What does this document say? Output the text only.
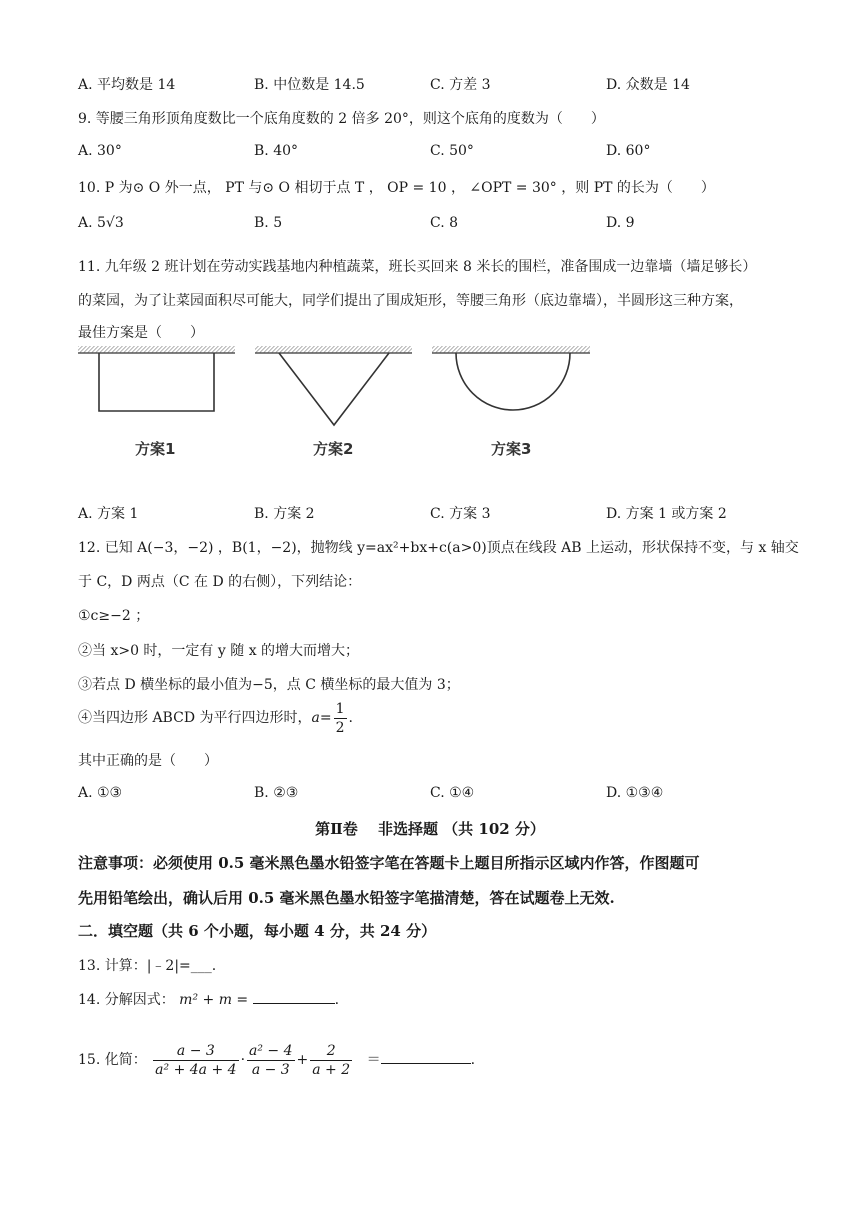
A. 平均数是 14	B. 中位数是 14.5	C. 方差 3	D. 众数是 14
9. 等腰三角形顶角度数比一个底角度数的 2 倍多 20°，则这个底角的度数为（　　）
A. 30°	B. 40°	C. 50°	D. 60°
10. P 为⊙ O 外一点， PT 与⊙ O 相切于点 T ， OP = 10 ， ∠OPT = 30° ，则 PT 的长为（　　）
A. 5√3	B. 5	C. 8	D. 9
11. 九年级 2 班计划在劳动实践基地内种植蔬菜，班长买回来 8 米长的围栏，准备围成一边靠墙（墙足够长）
的菜园，为了让菜园面积尽可能大，同学们提出了围成矩形，等腰三角形（底边靠墙），半圆形这三种方案，
最佳方案是（　　）
方案1	方案2	方案3
A. 方案 1	B. 方案 2	C. 方案 3	D. 方案 1 或方案 2
12. 已知 A(−3，−2) ，B(1，−2)，抛物线 y=ax²+bx+c(a>0)顶点在线段 AB 上运动，形状保持不变，与 x 轴交
于 C，D 两点（C 在 D 的右侧），下列结论：
①c≥−2 ；
②当 x>0 时，一定有 y 随 x 的增大而增大；
③若点 D 横坐标的最小值为−5，点 C 横坐标的最大值为 3；
④当四边形 ABCD 为平行四边形时，$a= \frac{1}{2}$ .
其中正确的是（　　）
A. ①③	B. ②③	C. ①④	D. ①③④
第Ⅱ卷　 非选择题 （共 102 分）
注意事项：必须使用 0.5 毫米黑色墨水铅签字笔在答题卡上题目所指示区域内作答，作图题可
先用铅笔绘出，确认后用 0.5 毫米黑色墨水铅签字笔描清楚，答在试题卷上无效.
二．填空题（共 6 个小题，每小题 4 分，共 24 分）
13. 计算：|﹣2|=___.
14. 分解因式： m² + m =	.
15. 化简： $\frac{a - 3}{\text{a² + 4a + 4}} \cdot \frac{\text{a² − 4}}{a - 3} + \frac{2}{a + 2}$ ＝	.
